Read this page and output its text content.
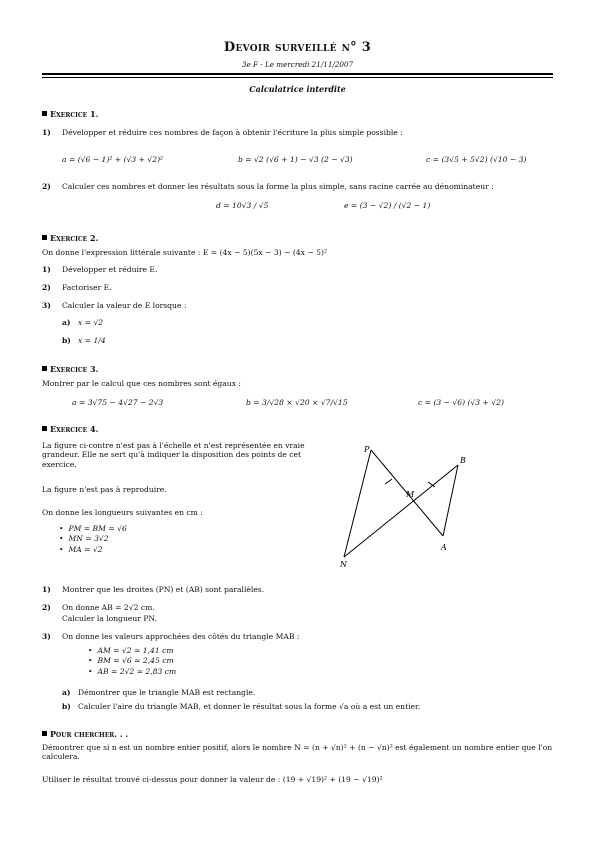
Devoir surveillé n° 3
3e F - Le mercredi 21/11/2007
Calculatrice interdite
Exercice 1.
1) Développer et réduire ces nombres de façon à obtenir l'écriture la plus simple possible :
a = (√6 − 1)² + (√3 + √2)²	b = √2 (√6 + 1) − √3 (2 − √3)	c = (3√5 + 5√2) (√10 − 3)
2) Calculer ces nombres et donner les résultats sous la forme la plus simple, sans racine carrée au dénominateur :
d = 10√3 / √5	e = (3 − √2) / (√2 − 1)
Exercice 2.
On donne l'expression littérale suivante : E = (4x − 5)(5x − 3) − (4x − 5)²
1) Développer et réduire E.
2) Factoriser E.
3) Calculer la valeur de E lorsque :
a) x = √2
b) x = 1/4
Exercice 3.
Montrer par le calcul que ces nombres sont égaux :
a = 3√75 − 4√27 − 2√3	b = 3/√28 × √20 × √7/√15	c = (3 − √6) (√3 + √2)
Exercice 4.
La figure ci-contre n'est pas à l'échelle et n'est représentée en vraie grandeur. Elle ne sert qu'à indiquer la disposition des points de cet exercice.
La figure n'est pas à reproduire.
On donne les longueurs suivantes en cm :
• PM = BM = √6
• MN = 3√2
• MA = √2
P
B
M
A
N
1) Montrer que les droites (PN) et (AB) sont parallèles.
2) On donne AB = 2√2 cm.
Calculer la longueur PN.
3) On donne les valeurs approchées des côtés du triangle MAB :
• AM = √2 ≃ 1,41 cm
• BM = √6 ≃ 2,45 cm
• AB = 2√2 ≃ 2,83 cm
a) Démontrer que le triangle MAB est rectangle.
b) Calculer l'aire du triangle MAB, et donner le résultat sous la forme √a où a est un entier.
Pour chercher. . .
Démontrer que si n est un nombre entier positif, alors le nombre N = (n + √n)² + (n − √n)² est également un nombre entier que l'on calculera.
Utiliser le résultat trouvé ci-dessus pour donner la valeur de : (19 + √19)² + (19 − √19)²
